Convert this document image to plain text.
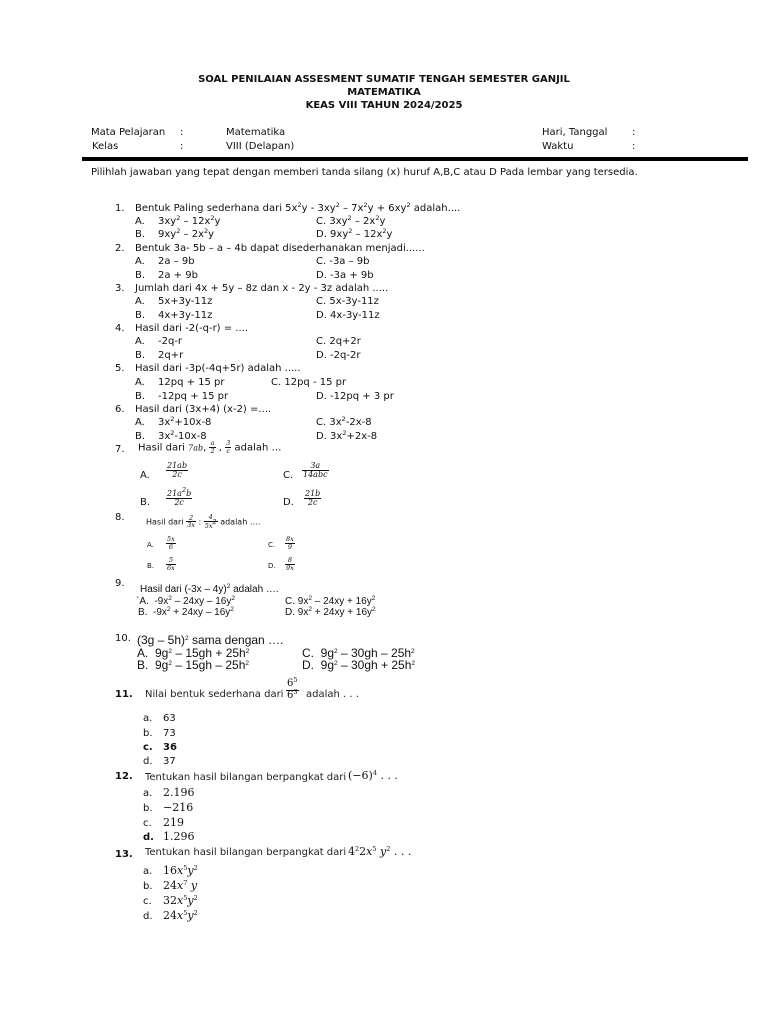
SOAL PENILAIAN ASSESMENT SUMATIF TENGAH SEMESTER GANJIL
MATEMATIKA
KEAS VIII TAHUN 2024/2025
Mata Pelajaran :	Matematika
Kelas	:	VIII (Delapan)
Hari, Tanggal :
Waktu	:
Pilihlah jawaban yang tepat dengan memberi tanda silang (x) huruf A,B,C atau D Pada lembar yang tersedia.
1. Bentuk Paling sederhana dari $5x^2y - 3xy^2 - 7x^2y + 6xy^2$ adalah....
A. $3xy^2 - 12x^2y$	C. $3xy^2 - 2x^2y$
B. $9xy^2 - 2x^2y$	D. $9xy^2 - 12x^2y$
2. Bentuk 3a- 5b – a – 4b dapat disederhanakan menjadi......
A. 2a – 9b	C. -3a – 9b
B. 2a + 9b	D. -3a + 9b
3. Jumlah dari 4x + 5y – 8z dan x - 2y - 3z adalah .....
A. 5x+3y-11z	C. 5x-3y-11z
B. 4x+3y-11z	D. 4x-3y-11z
4. Hasil dari -2(-q-r) = ....
A. -2q-r	C. 2q+2r
B. 2q+r	D. -2q-2r
5. Hasil dari -3p(-4q+5r) adalah .....
A. 12pq + 15 pr	C. 12pq - 15 pr
B. -12pq + 15 pr	D. -12pq + 3 pr
6. Hasil dari (3x+4) (x-2) =....
A. $3x^2+10x-8$	C. $3x^2-2x-8$
B. $3x^2-10x-8$	D. $3x^2+2x-8$
7. Hasil dari 7ab, $\frac{a}{2}$ , $\frac{3}{c}$ adalah …
A. $\frac{21ab}{2c}$	C. $\frac{3a}{\text{14abc}}$
B. $\frac{21a^2b}{2c}$	D. $\frac{21b}{2c}$
8.	Hasil dari $\frac{2}{3x}$ : $\frac{4}{5x^2}$ adalah ….
A. $\frac{5x}{6}$	C. $\frac{8x}{9}$
B. $\frac{5}{6x}$	D. $\frac{8}{9x}$
9.
Hasil dari (-3x – 4y)$^2$ adalah ….
`A.  $-9x^2 - 24xy - 16y^2$	C. $9x^2 - 24xy + 16y^2$
B.  $-9x^2 + 24xy - 16y^2$	D. $9x^2 + 24xy + 16y^2$
10. (3g – 5h)$^2$ sama dengan ….
A.  $9g^2 - 15gh + 25h^2$	C.  $9g^2 - 30gh - 25h^2$
B.  $9g^2 - 15gh - 25h^2$	D.  $9g^2 - 30gh + 25h^2$
11. Nilai bentuk sederhana dari $\frac{6^5}{6^3}$ adalah . . .
a. 63
b. 73
c. 36
d. 37
12. Tentukan hasil bilangan berpangkat dari $(-6)^4$ . . .
a. 2.196
b. −216
c. 219
d. 1.296
13. Tentukan hasil bilangan berpangkat dari $4^22x^5$ $y^2$ . . .
a. $16x^5y^2$
b. $24x^7$ y
c. $32x^5y^2$
d. $24x^5y^2$
